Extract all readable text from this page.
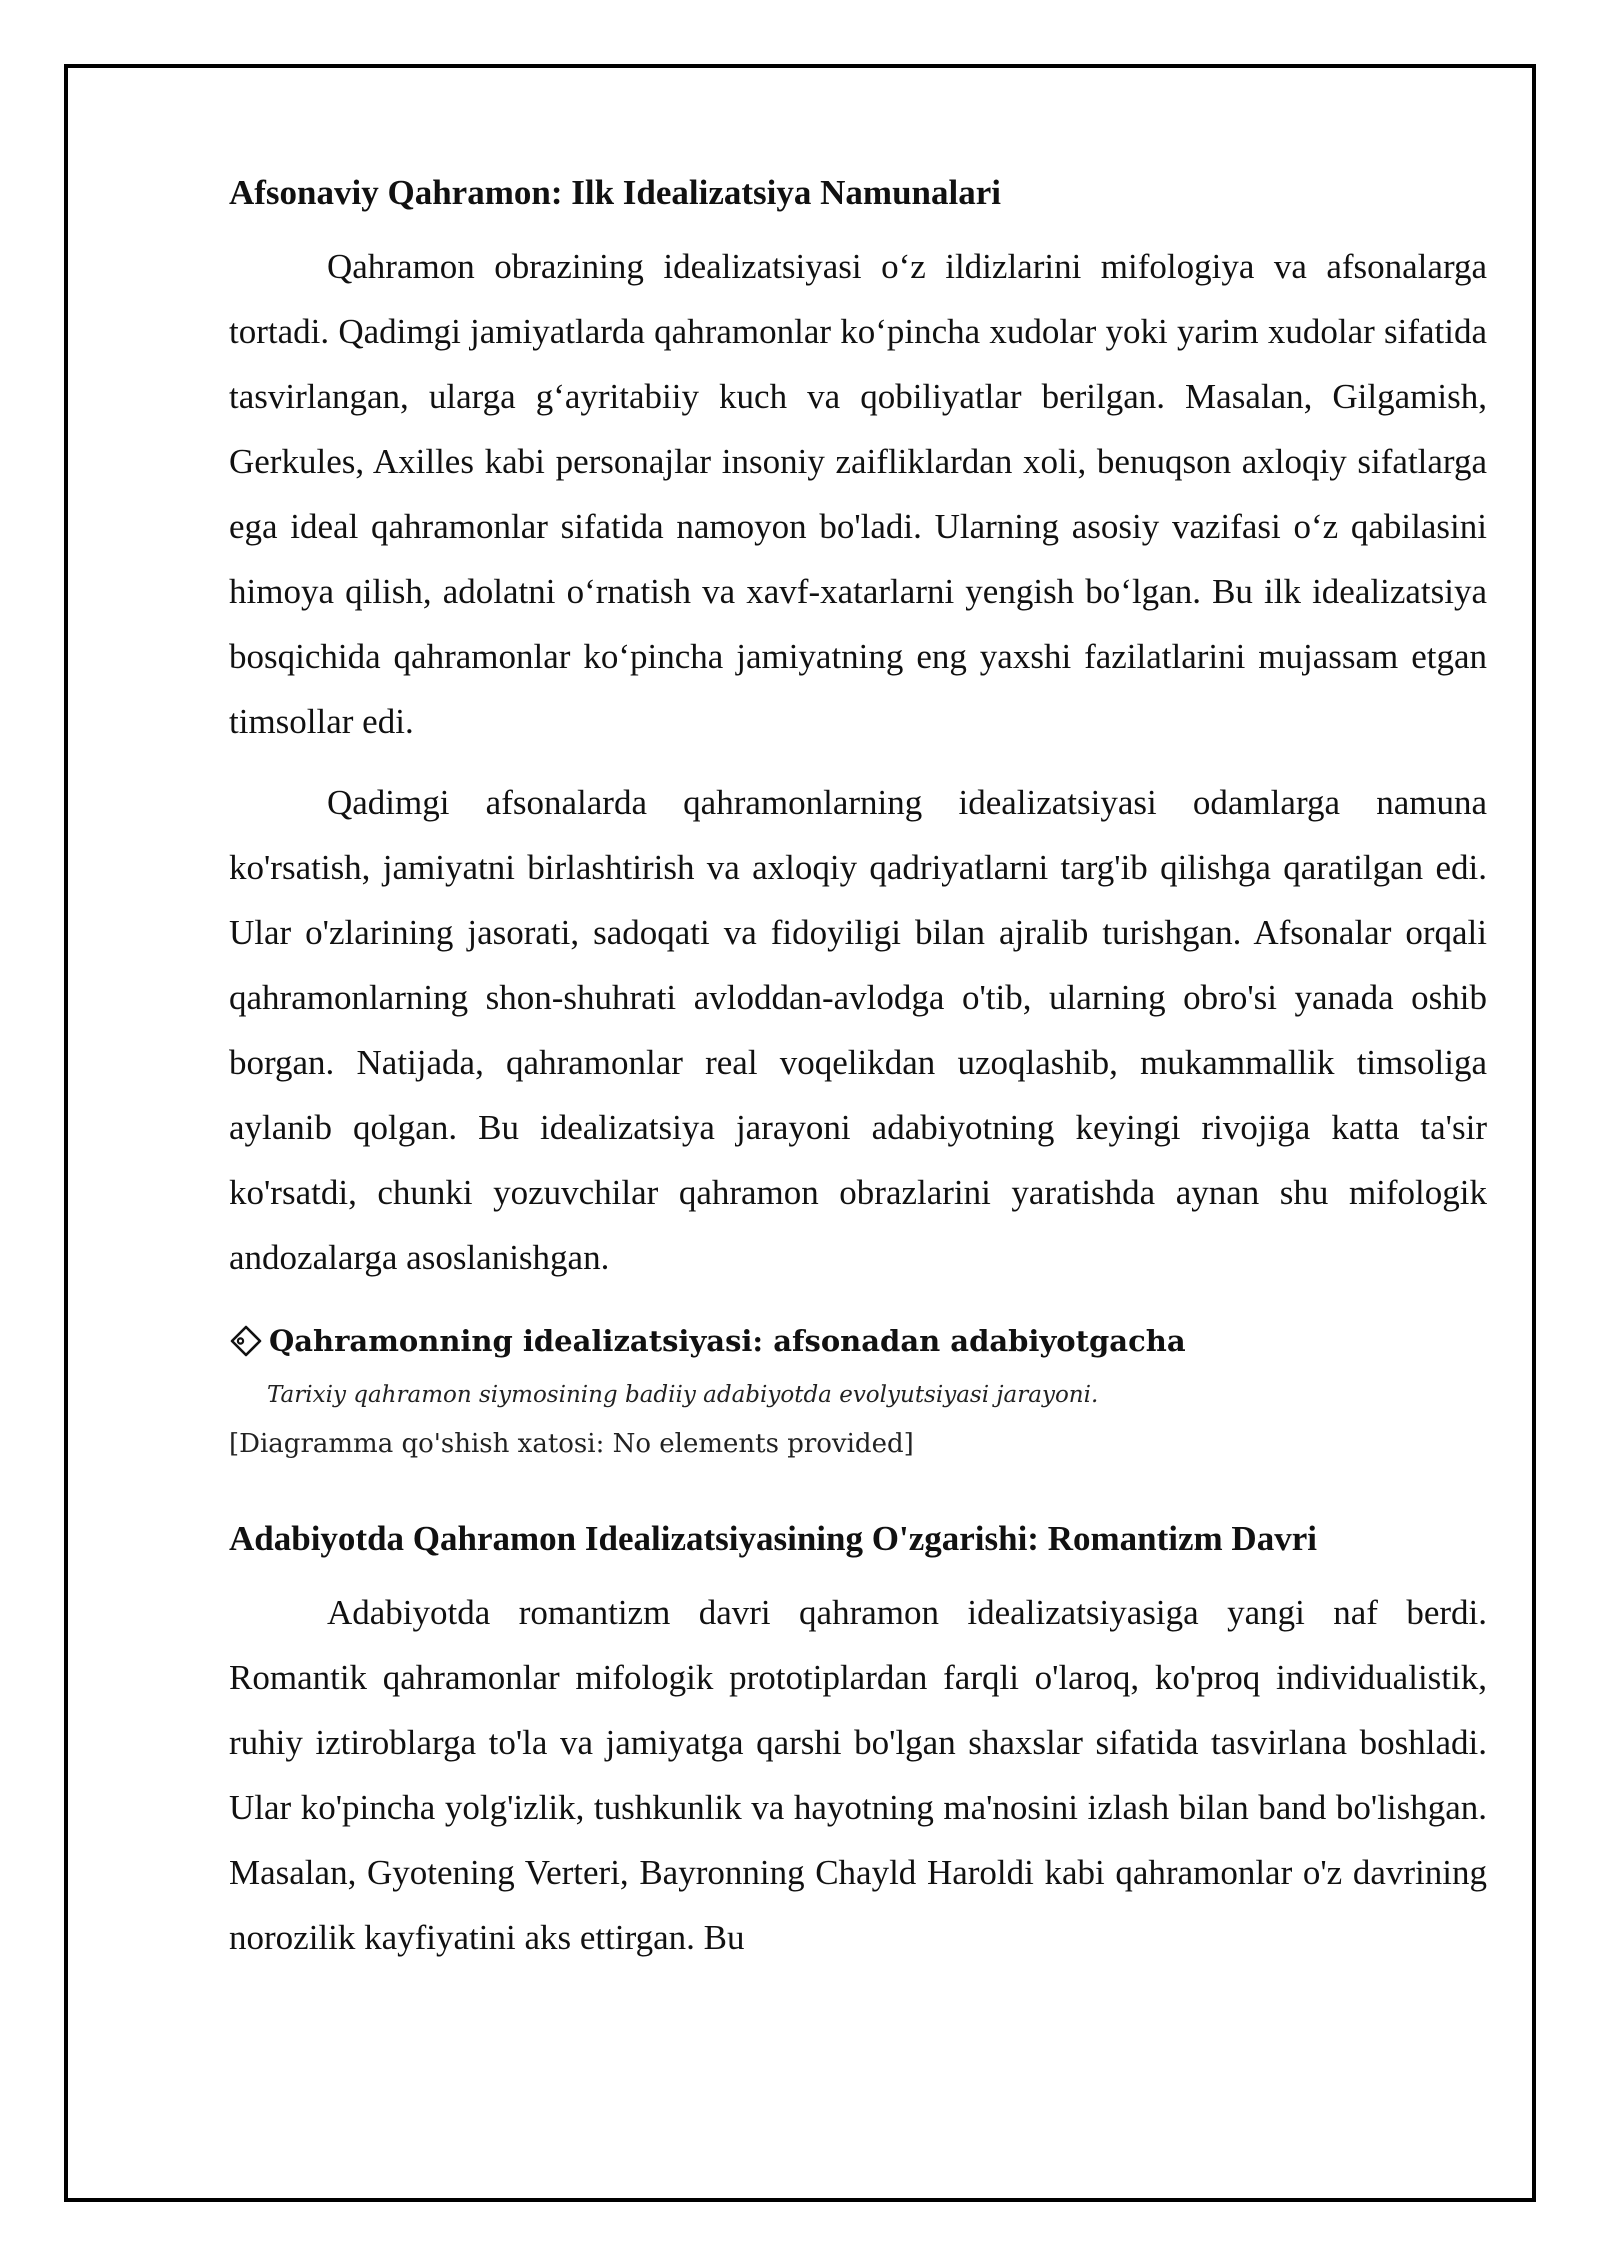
Afsonaviy Qahramon: Ilk Idealizatsiya Namunalari

Qahramon obrazining idealizatsiyasi o‘z ildizlarini mifologiya va afsonalarga tortadi. Qadimgi jamiyatlarda qahramonlar ko‘pincha xudolar yoki yarim xudolar sifatida tasvirlangan, ularga g‘ayritabiiy kuch va qobiliyatlar berilgan. Masalan, Gilgamish, Gerkules, Axilles kabi personajlar insoniy zaifliklardan xoli, benuqson axloqiy sifatlarga ega ideal qahramonlar sifatida namoyon bo'ladi. Ularning asosiy vazifasi o‘z qabilasini himoya qilish, adolatni o‘rnatish va xavf-xatarlarni yengish bo‘lgan. Bu ilk idealizatsiya bosqichida qahramonlar ko‘pincha jamiyatning eng yaxshi fazilatlarini mujassam etgan timsollar edi.

Qadimgi afsonalarda qahramonlarning idealizatsiyasi odamlarga namuna ko'rsatish, jamiyatni birlashtirish va axloqiy qadriyatlarni targ'ib qilishga qaratilgan edi. Ular o'zlarining jasorati, sadoqati va fidoyiligi bilan ajralib turishgan. Afsonalar orqali qahramonlarning shon-shuhrati avloddan-avlodga o'tib, ularning obro'si yanada oshib borgan. Natijada, qahramonlar real voqelikdan uzoqlashib, mukammallik timsoliga aylanib qolgan. Bu idealizatsiya jarayoni adabiyotning keyingi rivojiga katta ta'sir ko'rsatdi, chunki yozuvchilar qahramon obrazlarini yaratishda aynan shu mifologik andozalarga asoslanishgan.

Qahramonning idealizatsiyasi: afsonadan adabiyotgacha
Tarixiy qahramon siymosining badiiy adabiyotda evolyutsiyasi jarayoni.
[Diagramma qo'shish xatosi: No elements provided]
Adabiyotda Qahramon Idealizatsiyasining O'zgarishi: Romantizm Davri

Adabiyotda romantizm davri qahramon idealizatsiyasiga yangi naf berdi. Romantik qahramonlar mifologik prototiplardan farqli o'laroq, ko'proq individualistik, ruhiy iztiroblarga to'la va jamiyatga qarshi bo'lgan shaxslar sifatida tasvirlana boshladi. Ular ko'pincha yolg'izlik, tushkunlik va hayotning ma'nosini izlash bilan band bo'lishgan. Masalan, Gyotening Verteri, Bayronning Chayld Haroldi kabi qahramonlar o'z davrining norozilik kayfiyatini aks ettirgan. Bu
